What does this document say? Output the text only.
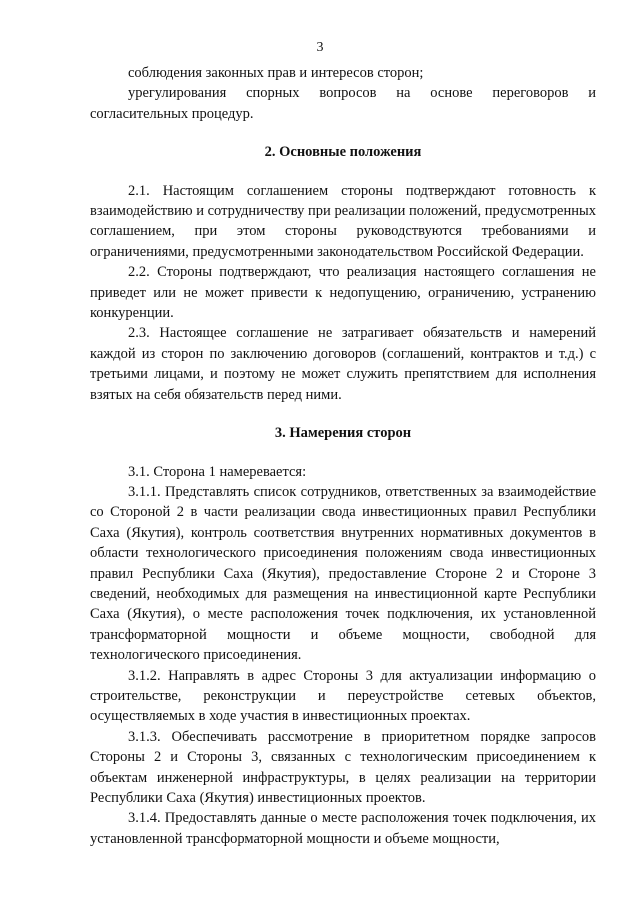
3

соблюдения законных прав и интересов сторон;

урегулирования спорных вопросов на основе переговоров и согласительных процедур.

2. Основные положения

2.1. Настоящим соглашением стороны подтверждают готовность к взаимодействию и сотрудничеству при реализации положений, предусмотренных соглашением, при этом стороны руководствуются требованиями и ограничениями, предусмотренными законодательством Российской Федерации.

2.2. Стороны подтверждают, что реализация настоящего соглашения не приведет или не может привести к недопущению, ограничению, устранению конкуренции.

2.3. Настоящее соглашение не затрагивает обязательств и намерений каждой из сторон по заключению договоров (соглашений, контрактов и т.д.) с третьими лицами, и поэтому не может служить препятствием для исполнения взятых на себя обязательств перед ними.

3. Намерения сторон

3.1. Сторона 1 намеревается:

3.1.1. Представлять список сотрудников, ответственных за взаимодействие со Стороной 2 в части реализации свода инвестиционных правил Республики Саха (Якутия), контроль соответствия внутренних нормативных документов в области технологического присоединения положениям свода инвестиционных правил Республики Саха (Якутия), предоставление Стороне 2 и Стороне 3 сведений, необходимых для размещения на инвестиционной карте Республики Саха (Якутия), о месте расположения точек подключения, их установленной трансформаторной мощности и объеме мощности, свободной для технологического присоединения.

3.1.2. Направлять в адрес Стороны 3 для актуализации информацию о строительстве, реконструкции и переустройстве сетевых объектов, осуществляемых в ходе участия в инвестиционных проектах.

3.1.3. Обеспечивать рассмотрение в приоритетном порядке запросов Стороны 2 и Стороны 3, связанных с технологическим присоединением к объектам инженерной инфраструктуры, в целях реализации на территории Республики Саха (Якутия) инвестиционных проектов.

3.1.4. Предоставлять данные о месте расположения точек подключения, их установленной трансформаторной мощности и объеме мощности,
